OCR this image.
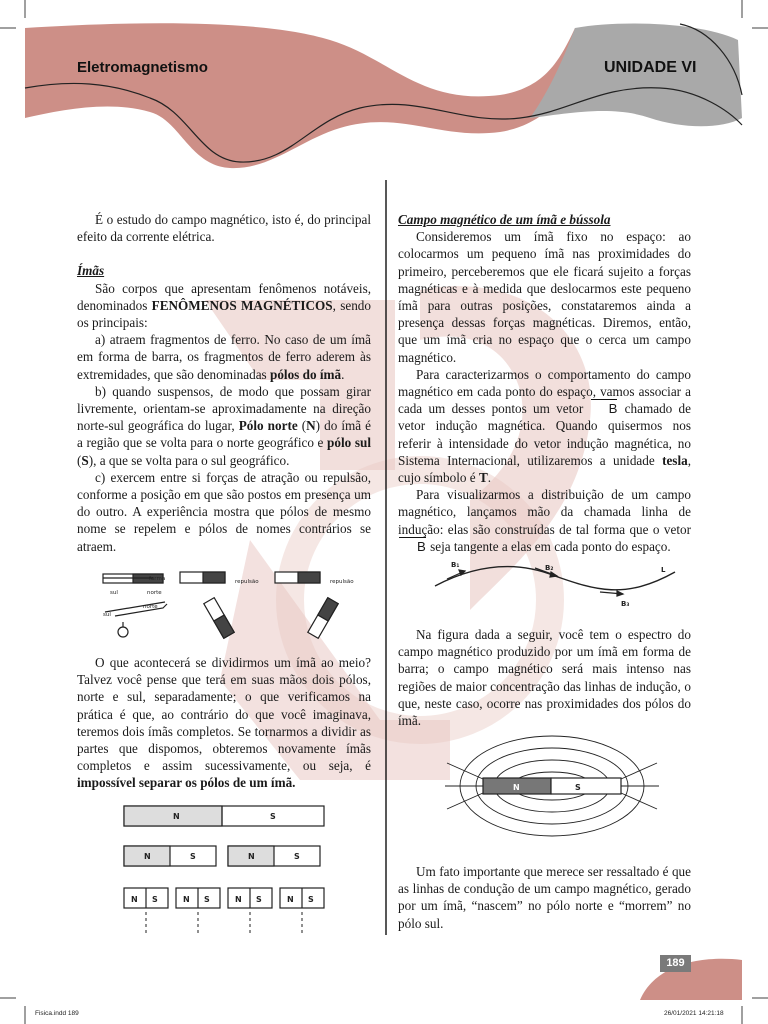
Eletromagnetismo	UNIDADE VI

É o estudo do campo magnético, isto é, do principal efeito da corrente elétrica.

Ímãs

São corpos que apresentam fenômenos notáveis, denominados FENÔMENOS MAGNÉTICOS, sendo os principais:

a) atraem fragmentos de ferro. No caso de um ímã em forma de barra, os fragmentos de ferro aderem às extremidades, que são denominadas pólos do ímã.

b) quando suspensos, de modo que possam girar livremente, orientam-se aproximadamente na direção norte-sul geográfica do lugar, Pólo norte (N) do ímã é a região que se volta para o norte geográfico e pólo sul (S), a que se volta para o sul geográfico.

c) exercem entre si forças de atração ou repulsão, conforme a posição em que são postos em presença um do outro. A experiência mostra que pólos de mesmo nome se repelem e pólos de nomes contrários se atraem.

sul	norte
forma
sul
norte
repulsão	repulsão

O que acontecerá se dividirmos um ímã ao meio? Talvez você pense que terá em suas mãos dois pólos, norte e sul, separadamente; o que verificamos na prática é que, ao contrário do que você imaginava, teremos dois ímãs completos. Se tornarmos a dividir as partes que dispomos, obteremos novamente ímãs completos e assim sucessivamente, ou seja, é impossível separar os pólos de um ímã.

N	S
N	S	N	S
N S	N S	N S	N S

Campo magnético de um ímã e bússola

Consideremos um ímã fixo no espaço: ao colocarmos um pequeno ímã nas proximidades do primeiro, perceberemos que ele ficará sujeito a forças magnéticas e à medida que deslocarmos este pequeno ímã para outras posições, constataremos ainda a presença dessas forças magnéticas. Diremos, então, que um ímã cria no espaço que o cerca um campo magnético.

Para caracterizarmos o comportamento do campo magnético em cada ponto do espaço, vamos associar a cada um desses pontos um vetor B chamado de vetor indução magnética. Quando quisermos nos referir à intensidade do vetor indução magnética, no Sistema Internacional, utilizaremos a unidade tesla, cujo símbolo é T.

Para visualizarmos a distribuição de um campo magnético, lançamos mão da chamada linha de indução: elas são construídas de tal forma que o vetor B seja tangente a elas em cada ponto do espaço.

B₁	B₂
B₃
L

Na figura dada a seguir, você tem o espectro do campo magnético produzido por um ímã em forma de barra; o campo magnético será mais intenso nas regiões de maior concentração das linhas de indução, o que, neste caso, ocorre nas proximidades dos pólos do ímã.

N	S

Um fato importante que merece ser ressaltado é que as linhas de condução de um campo magnético, gerado por um ímã, “nascem” no pólo norte e “morrem” no pólo sul.

189
Fisica.indd 189	26/01/2021 14:21:18
